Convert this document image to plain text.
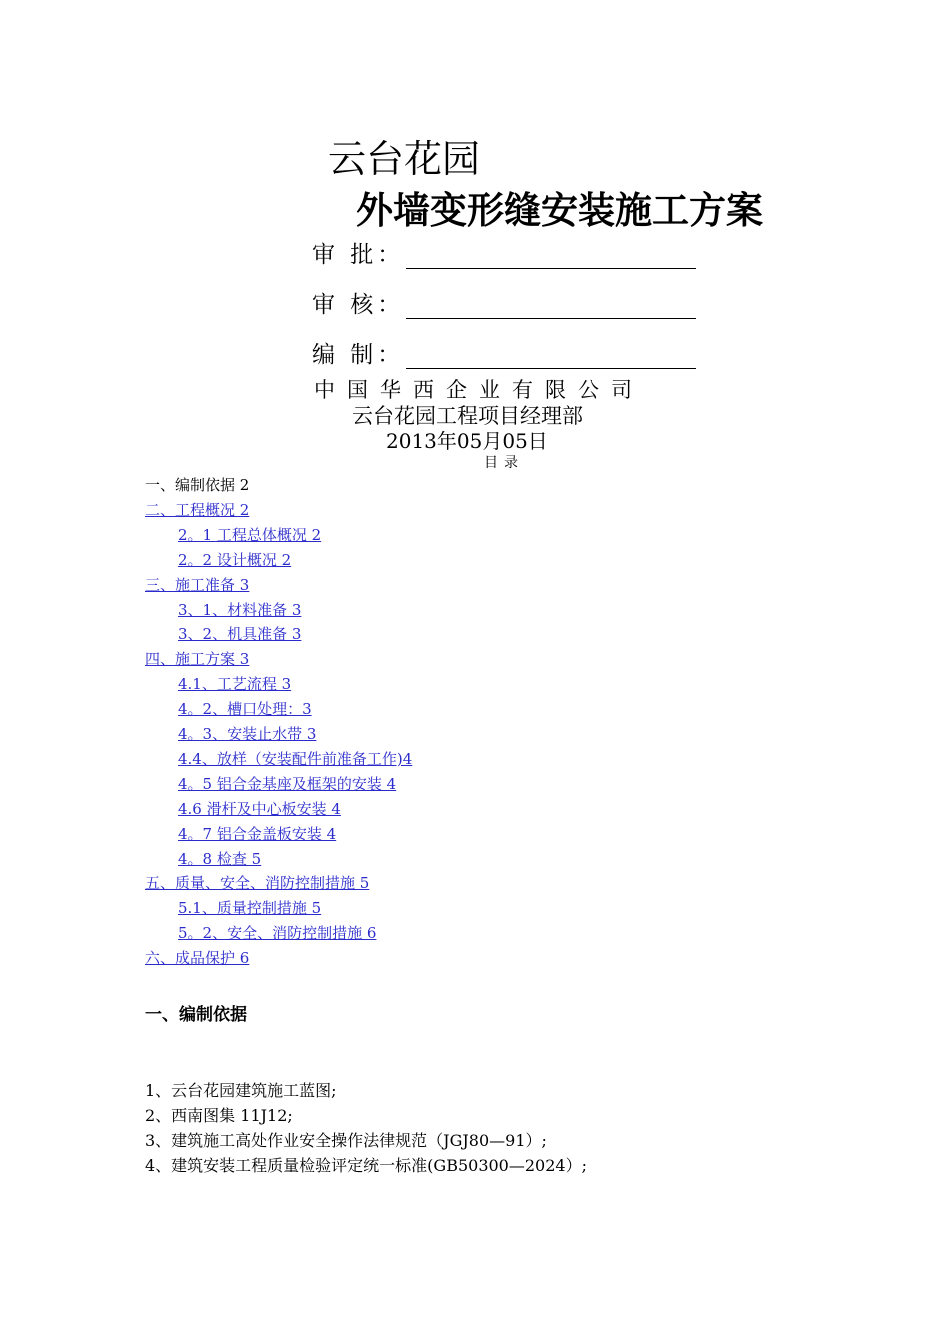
云台花园
外墙变形缝安装施工方案
审 批：
审 核：
编 制：
中国华西企业有限公司
云台花园工程项目经理部
2013年05月05日
目录
一、编制依据 2
二、工程概况 2
2。1 工程总体概况 2
2。2 设计概况 2
三、施工准备 3
3、1、材料准备 3
3、2、机具准备 3
四、施工方案 3
4.1、工艺流程 3
4。2、槽口处理：3
4。3、安装止水带 3
4.4、放样（安装配件前准备工作)4
4。5 铝合金基座及框架的安装 4
4.6 滑杆及中心板安装 4
4。7 铝合金盖板安装 4
4。8 检查 5
五、质量、安全、消防控制措施 5
5.1、质量控制措施 5
5。2、安全、消防控制措施 6
六、成品保护 6
一、编制依据
1、云台花园建筑施工蓝图;
2、西南图集 11J12;
3、建筑施工高处作业安全操作法律规范（JGJ80—91）;
4、建筑安装工程质量检验评定统一标准(GB50300—2024）;
